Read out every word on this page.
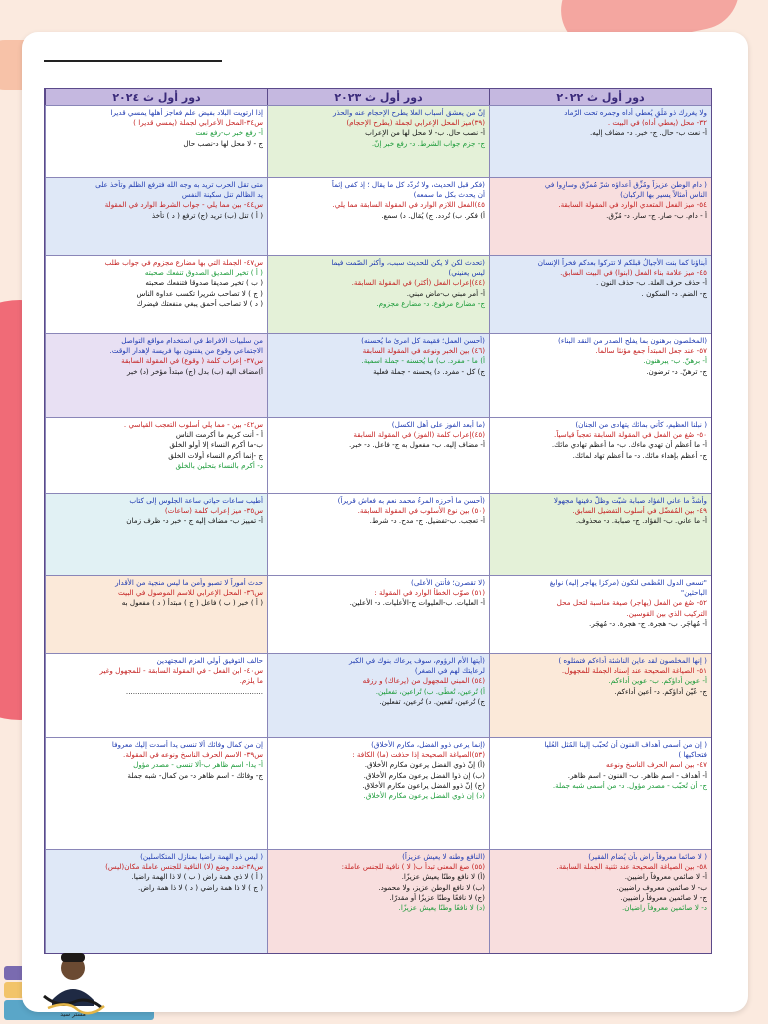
دور أول ث ٢٠٢٢
دور أول ث ٢٠٢٣
دور أول ث ٢٠٢٤
ولا يغررك ذو مَلَقٍ يُعطي أداه وجمره تحت الرّماد
٣٢- محل (يعطي أداه) في البيت .
أ- نعت ب- حال. ج- خبر. د- مضاف إليه.
إنّ من يعشق أسباب العلا يطرح الإحجام عنه والحذر
(٣٩)ميز المحل الإعرابي لجملة (يطرح الإحجام)
أ- نصب حال. ب- لا محل لها من الإعراب
ج- جزم جواب الشرط. د- رفع خبر إنّ.
إذا ارتويت البلاد بفيض علم فعاجز أهلها يمسي قديرا
س٣٤-المحل الأعرابي لجملة (يمسي قديرا )
أ- رفع خبر ب-رفع نعت
ج - لا محل لها د-نصب حال
( دام الوطن عزيزاً ومُزِّق أعداؤه شرّ مُمزّق وسارِوا في
الناس أمثالاً يسير بها الركبان)
٥٤- ميز الفعل المتعدي الوارد في المقولة السابقة.
أ - دام. ب- صار. ج- سار. د- مُزّق.
(فكر قبل الحديث، ولا تُردّد كل ما يقال ؛ إذ كفى إثماً
أن يحدث بكل ما سمعه)
٤٥)الفعل اللازم الوارد في المقولة السابقة مما يلي.
أ) فكر. ب) تُردد. ج) يُقال. د) سمع.
متى تقل الحرب تريد به وجه الله فترفع الظلم وتأخذ على
يد الظالم تنل سكينة النفس
س٤٤- بين مما يلي - جواب الشرط الوارد في المقولة
( أ ) تنل (ب) تريد (ج) ترفع ( د ) تأخذ
أبناؤنا كما بنت الأجيالُ قبلكم لا تتركوا بعدكم فخراً الإنسان
٤٥- ميز علامة بناء الفعل (ابنوا) في البيت السابق.
أ- حذف حرف العلة. ب- حذف النون .
ج- الضم. د- السكون .
(تحدث لكن لا يكن للحديث سبب، وأكثر الصّمت فيما
ليس يعنيني)
(٤٤)إعراب الفعل (أكثر) في المقولة السابقة.
أ- أمر مبني ب-ماض مبني.
ج- مضارع مرفوع. د- مضارع مجزوم.
س٤٧- الجملة التي بها مضارع مجزوم في جواب طلب
( أ ) تخير الصديق الصدوق تنفعك صحبته
( ب ) تخير صديقا صدوقا فتنفعك صحبته
( ج ) لا تصاحب شريرا تكسب عداوة الناس
( د ) لا تصاحب أحمق يبغي منفعتك فيضرك
(المخلصون برهنون بما يفلح الصدر من النقد البناء)
٥٧- عند جعل المبتدأ جمع مؤنثا سالما.
أ- برهنّ. ب- يبرهنون.
ج- ترهنّ. د- ترضون.
(أحسن العمل؛ فقيمة كل امرئ ما يُحسنه)
(٤٦) بين الخبر ونوعه في المقولة السابقة
أ) ما - مفرد. ب) ما يُحسنه - جملة اسمية.
ج) كل - مفرد. د) يحسنه - جملة فعلية
من سلبيات الافراط في استخدام مواقع التواصل
الاجتماعي وقوع من يفتنون بها فريسة لإهدار الوقت.
س٣٧- إعراب كلمة ( وقوع) في المقولة السابقة
أ)مضاف اليه (ب) بدل (ج) مبتدأ مؤخر (د) خبر
( نبلنا العظيم، كأني بمائك يتهادى من الجنان)
٥٠- صُغ من الفعل في المقولة السابقة تعجباً قياسياً.
أ- ما أعظم أن تهدي ماءك. ب- ما أعظم تهادي مائك.
ج- أعظم بإهداء مائك. د- ما أعظم تهاد لمائك.
(ما أبعد الفوز على أهل الكسل)
(٤٥)إعراب كلمة (الفوز) في المقولة السابقة
أ- مضاف إليه. ب- مفعول به ج- فاعل. د- خبر.
س٤٢- بين - مما يلي أسلوب التعجب القياسي .
أ - أنت كريم ما أكرمت الناس
ب-ما أكرم النساء إلا أولو الخلق
ج -إنما أكرم النساء أولات الخلق
د- أكرم بالنساء بتحلين بالخلق
وأشدُّ ما عاني الفؤاد صبابة شيّت وظلّ دفينها مجهولا
٤٩- بين المُفضّل في أسلوب التفضيل السابق.
أ- ما عاني. ب- الفؤاد. ج- صبابة. د- محذوف.
(أحسن ما أحرزه المرءُ محمد نعم به فعاش قريراً)
(٥٠) بين نوع الأسلوب في المقولة السابقة.
أ- تعجب. ب-تفضيل. ج- مدح. د- شرط.
أطيب ساعات حياتي ساعة الجلوس إلى كتاب
س٣٥- ميز إعراب كلمة (ساعات)
أ- تمييز ب- مضاف إليه ج - خبر د- ظرف زمان
"تسعى الدول العُظمى لتكون (مركزا يهاجر إليه) نوابغ
الباحثين"
٥٢- صُغ من الفعل (يهاجر) صيغة مناسبة لتحل محل
التركيب الذي بين القوسين.
أ- مُهاجَر. ب- هجرة. ج- هجرة. د- مُهجَر.
(لا تقصرن؛ فأنتن الأعلى)
(٥١) صوّب الخطأ الوارد في المقولة :
أ- العليات. ب-العليوات ج-الأعليات. د- الأعلين.
حدث أموراً لا تصبو وأمن ما ليس منجية من الأقدار
س٣٦- المحل الإعرابي للاسم الموصول في البيت
( أ ) خبر ( ب ) فاعل ( ج ) مبتدأ ( د ) مفعول به
( إنها المخلصون لقد عاين الناشئة أداءكم فتمثلوه )
٥١- الصياغة الصحيحة عند إسناد الجملة للمجهول.
أ- عوين أداؤكم. ب- عوين أداءكم.
ج- عُيّن أداؤكم. د- أعين أداءكم.
(أيتها الأم الرؤوم، سوف يرعاك بنوك في الكبر
لرعايتك لهم في الصغر)
(٥٤) المبني للمجهول من (يرعاك) و رزقه
أ) تُرعين، تُعطَى. ب) تُراعين، تفعلين.
ج) تُرعين، تُفعين. د) تُرعين، تفعلين.
حالف التوفيق أولي العزم المجتهدين
س٤٠- ابن الفعل - في المقولة السابقة - للمجهول وغير
ما يلزم.
............................................................
( إن من أسمى أهداف الفنون أن تُحبّب إلينا المُثل العُليا
فتحاكيها )
٤٧- بين اسم الحرف الناسخ ونوعه
أ- أهداف - اسم ظاهر. ب- الفنون - اسم ظاهر.
ج- أن تُحبّب - مصدر مؤول. د- من أسمى شبه جملة.
(إنما يرعى ذوو الفضل، مكارم الأخلاق)
(٥٣)الصياغة الصحيحة إذا حذفت (ما) الكافة :
(أ) إنّ ذوي الفضل يرعون مكارم الأخلاق.
(ب) إن ذوا الفضل يرعون مكارم الأخلاق.
(ج) إنّ ذوو الفضل يراعون مكارم الأخلاق.
(د) إن ذوي الفضل يرعون مكارم الأخلاق.
إن من كمال وفائك ألا تنسى يدا أسدت إليك معروفا
س٣٩- الاسم الحرف الناسخ ونوعه في المقولة.
أ- يدا- اسم ظاهر ب-ألا تنسى - مصدر مؤول
ج- وفائك - اسم ظاهر د- من كمال- شبه جملة
( لا صائما معروفاً راض بأن يُضام الفقير)
٥٨- بين الصياغة الصحيحة عند تثنية الجملة السابقة.
أ- لا صائمي معروفاً راضيين.
ب- لا صائمين معروف راضيين.
ج- لا صائمين معروفاً راضيين.
د- لا صائمين معروفاً راضيان.
(النافع وطنه لا يعيش عزيزاً)
(٥٥) صغ المعنى تبدأ ب( لا ) نافية للجنس عاملة:
(أ) لا نافع وطنًا يعيش عزيزًا.
(ب) لا نافع الوطن عزيز، ولا محمود.
(ج) لا نافعًا وطنًا عزيزًا أو مقدرًا.
(د) لا نافعًا وطنًا يعيش عزيزًا.
( ليس ذو الهمة راضيا بمنازل المتكاسلين)
س٣٨-تعدد وضع (لا) النافية للجنس عاملة مكان(ليس)
( أ ) لا ذي همة راض ( ب ) لا ذا الهمة راضيا.
( ج ) لا ذا همة راضي ( د ) لا ذا همة راض.
مستر سيد
